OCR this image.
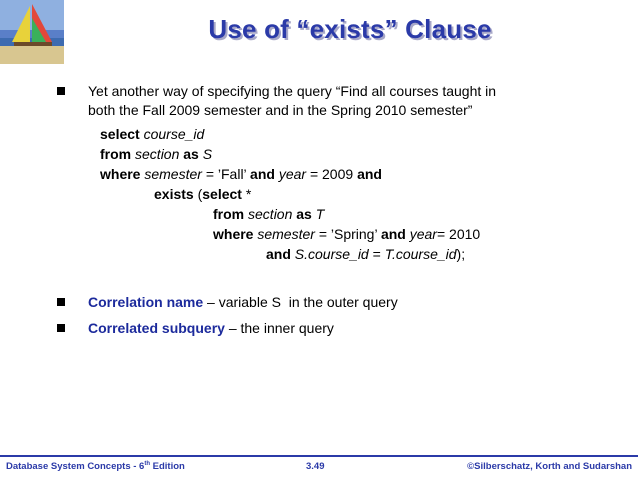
Use of “exists” Clause
Yet another way of specifying the query “Find all courses taught in
both the Fall 2009 semester and in the Spring 2010 semester”
select course_id
from section as S
where semester = ’Fall’ and year = 2009 and
exists (select *
from section as T
where semester = ’Spring’ and year= 2010
and S.course_id = T.course_id);
Correlation name – variable S  in the outer query
Correlated subquery – the inner query
Database System Concepts - 6th Edition	3.49	©Silberschatz, Korth and Sudarshan
